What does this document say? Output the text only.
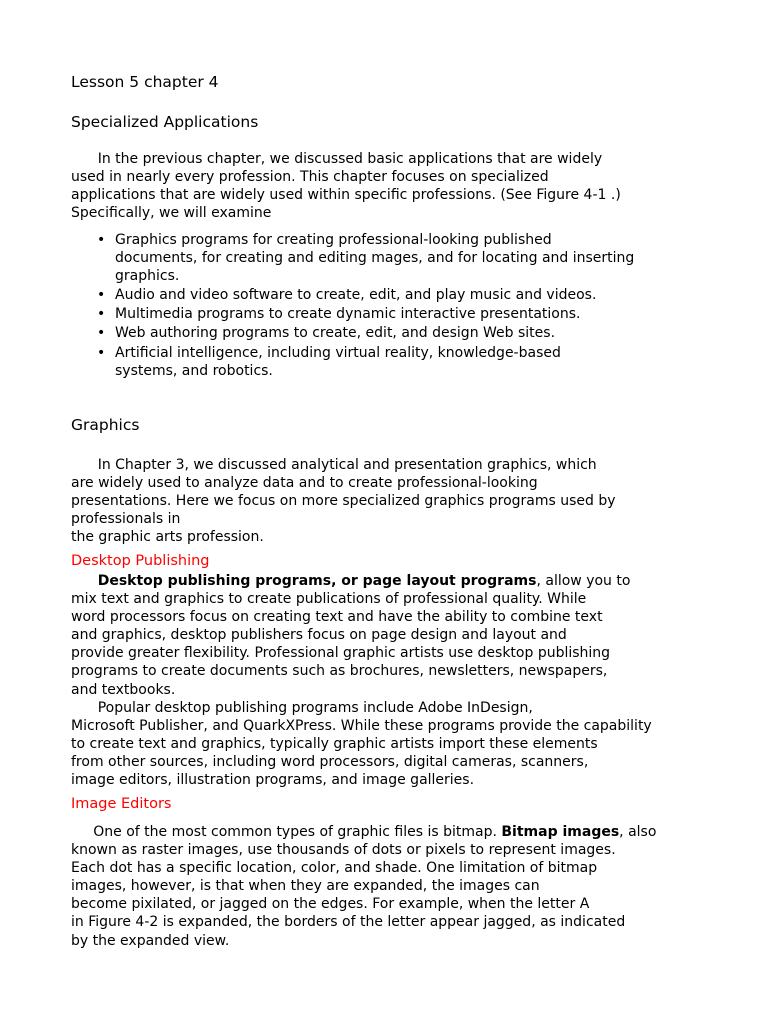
Lesson 5 chapter 4
Specialized Applications
In the previous chapter, we discussed basic applications that are widely
used in nearly every profession. This chapter focuses on specialized
applications that are widely used within specific professions. (See Figure 4-1 .)
Specifically, we will examine
• Graphics programs for creating professional-looking published
documents, for creating and editing mages, and for locating and inserting
graphics.
• Audio and video software to create, edit, and play music and videos.
• Multimedia programs to create dynamic interactive presentations.
• Web authoring programs to create, edit, and design Web sites.
• Artificial intelligence, including virtual reality, knowledge-based
systems, and robotics.
Graphics
In Chapter 3, we discussed analytical and presentation graphics, which
are widely used to analyze data and to create professional-looking
presentations. Here we focus on more specialized graphics programs used by
professionals in
the graphic arts profession.
Desktop Publishing
Desktop publishing programs, or page layout programs, allow you to
mix text and graphics to create publications of professional quality. While
word processors focus on creating text and have the ability to combine text
and graphics, desktop publishers focus on page design and layout and
provide greater flexibility. Professional graphic artists use desktop publishing
programs to create documents such as brochures, newsletters, newspapers,
and textbooks.
Popular desktop publishing programs include Adobe InDesign,
Microsoft Publisher, and QuarkXPress. While these programs provide the capability
to create text and graphics, typically graphic artists import these elements
from other sources, including word processors, digital cameras, scanners,
image editors, illustration programs, and image galleries.
Image Editors
One of the most common types of graphic files is bitmap. Bitmap images, also
known as raster images, use thousands of dots or pixels to represent images.
Each dot has a specific location, color, and shade. One limitation of bitmap
images, however, is that when they are expanded, the images can
become pixilated, or jagged on the edges. For example, when the letter A
in Figure 4-2 is expanded, the borders of the letter appear jagged, as indicated
by the expanded view.
